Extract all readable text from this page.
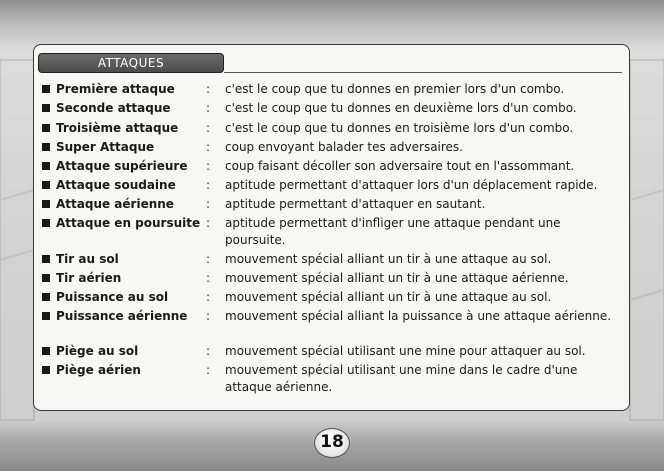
ATTAQUES
Première attaque	: c'est le coup que tu donnes en premier lors d'un combo.
Seconde attaque	: c'est le coup que tu donnes en deuxième lors d'un combo.
Troisième attaque : c'est le coup que tu donnes en troisième lors d'un combo.
Super Attaque	: coup envoyant balader tes adversaires.
Attaque supérieure : coup faisant décoller son adversaire tout en l'assommant.
Attaque soudaine	: aptitude permettant d'attaquer lors d'un déplacement rapide.
Attaque aérienne	: aptitude permettant d'attaquer en sautant.
Attaque en poursuite : aptitude permettant d'infliger une attaque pendant une poursuite.
Tir au sol	: mouvement spécial alliant un tir à une attaque au sol.
Tir aérien	: mouvement spécial alliant un tir à une attaque aérienne.
Puissance au sol	: mouvement spécial alliant un tir à une attaque au sol.
Puissance aérienne : mouvement spécial alliant la puissance à une attaque aérienne.
Piège au sol	: mouvement spécial utilisant une mine pour attaquer au sol.
Piège aérien	: mouvement spécial utilisant une mine dans le cadre d'une attaque aérienne.
18
